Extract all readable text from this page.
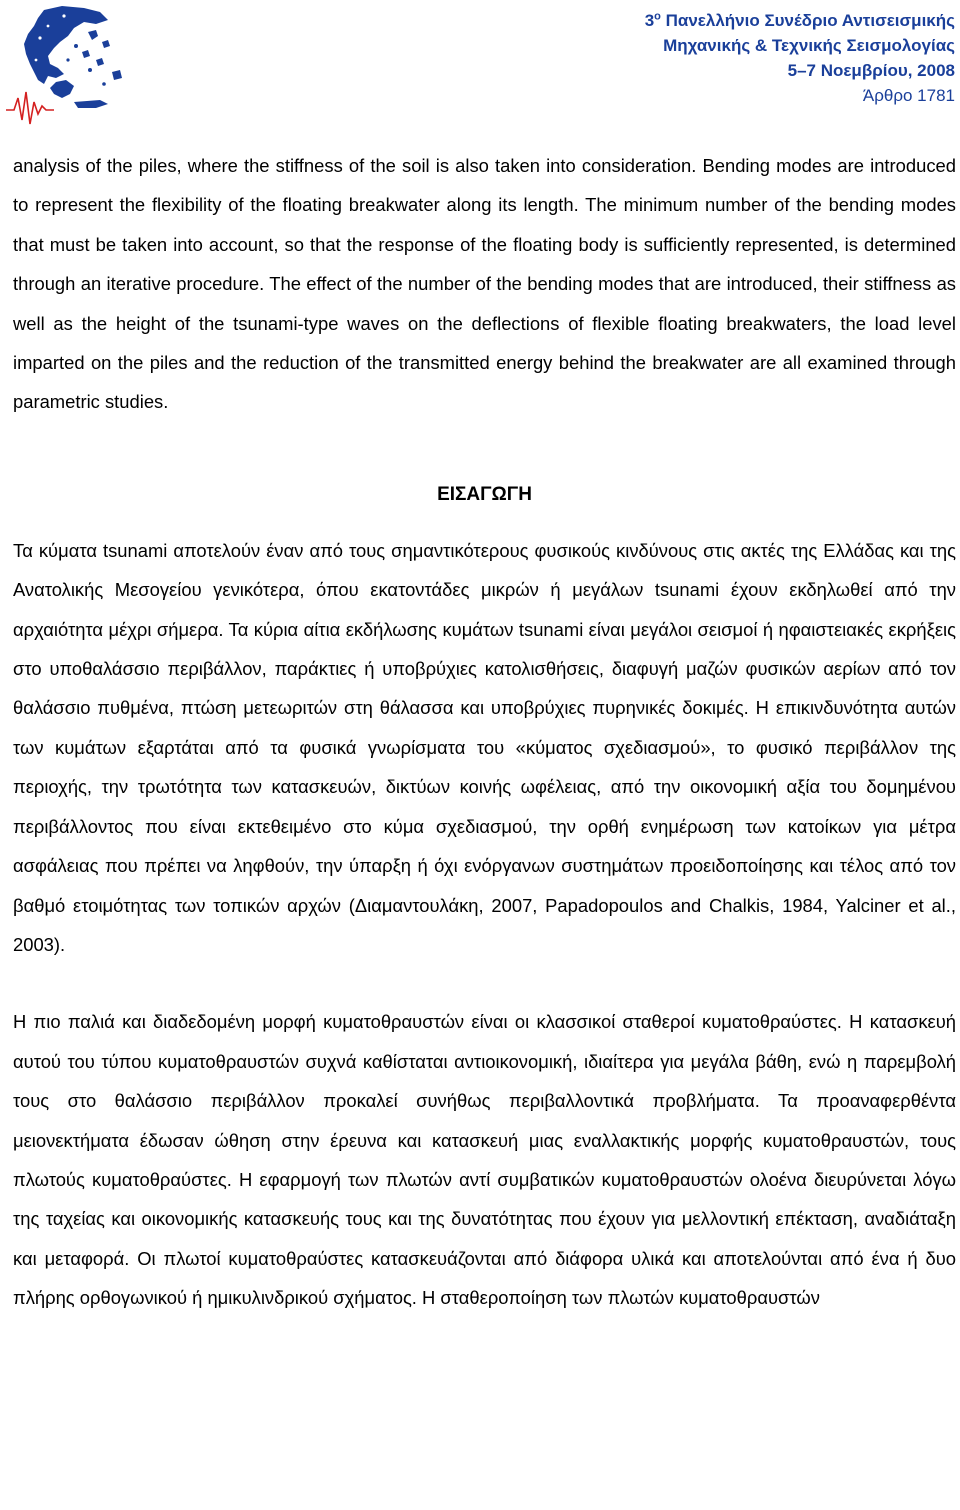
$3^o$ Πανελλήνιο Συνέδριο Αντισεισμικής
Μηχανικής & Τεχνικής Σεισμολογίας
5–7 Νοεμβρίου, 2008
Άρθρο 1781

analysis of the piles, where the stiffness of the soil is also taken into consideration. Bending modes are introduced to represent the flexibility of the floating breakwater along its length. The minimum number of the bending modes that must be taken into account, so that the response of the floating body is sufficiently represented, is determined through an iterative procedure. The effect of the number of the bending modes that are introduced, their stiffness as well as the height of the tsunami-type waves on the deflections of flexible floating breakwaters, the load level imparted on the piles and the reduction of the transmitted energy behind the breakwater are all examined through parametric studies.

ΕΙΣΑΓΩΓΗ

Τα κύματα tsunami αποτελούν έναν από τους σημαντικότερους φυσικούς κινδύνους στις ακτές της Ελλάδας και της Ανατολικής Μεσογείου γενικότερα, όπου εκατοντάδες μικρών ή μεγάλων tsunami έχουν εκδηλωθεί από την αρχαιότητα μέχρι σήμερα. Τα κύρια αίτια εκδήλωσης κυμάτων tsunami είναι μεγάλοι σεισμοί ή ηφαιστειακές εκρήξεις στο υποθαλάσσιο περιβάλλον, παράκτιες ή υποβρύχιες κατολισθήσεις, διαφυγή μαζών φυσικών αερίων από τον θαλάσσιο πυθμένα, πτώση μετεωριτών στη θάλασσα και υποβρύχιες πυρηνικές δοκιμές. Η επικινδυνότητα αυτών των κυμάτων εξαρτάται από τα φυσικά γνωρίσματα του «κύματος σχεδιασμού», το φυσικό περιβάλλον της περιοχής, την τρωτότητα των κατασκευών, δικτύων κοινής ωφέλειας, από την οικονομική αξία του δομημένου περιβάλλοντος που είναι εκτεθειμένο στο κύμα σχεδιασμού, την ορθή ενημέρωση των κατοίκων για μέτρα ασφάλειας που πρέπει να ληφθούν, την ύπαρξη ή όχι ενόργανων συστημάτων προειδοποίησης και τέλος από τον βαθμό ετοιμότητας των τοπικών αρχών (Διαμαντουλάκη, 2007, Papadopoulos and Chalkis, 1984, Yalciner et al., 2003).

Η πιο παλιά και διαδεδομένη μορφή κυματοθραυστών είναι οι κλασσικοί σταθεροί κυματοθραύστες. Η κατασκευή αυτού του τύπου κυματοθραυστών συχνά καθίσταται αντιοικονομική, ιδιαίτερα για μεγάλα βάθη, ενώ η παρεμβολή τους στο θαλάσσιο περιβάλλον προκαλεί συνήθως περιβαλλοντικά προβλήματα. Τα προαναφερθέντα μειονεκτήματα έδωσαν ώθηση στην έρευνα και κατασκευή μιας εναλλακτικής μορφής κυματοθραυστών, τους πλωτούς κυματοθραύστες. Η εφαρμογή των πλωτών αντί συμβατικών κυματοθραυστών ολοένα διευρύνεται λόγω της ταχείας και οικονομικής κατασκευής τους και της δυνατότητας που έχουν για μελλοντική επέκταση, αναδιάταξη και μεταφορά. Οι πλωτοί κυματοθραύστες κατασκευάζονται από διάφορα υλικά και αποτελούνται από ένα ή δυο πλήρης ορθογωνικού ή ημικυλινδρικού σχήματος. Η σταθεροποίηση των πλωτών κυματοθραυστών
